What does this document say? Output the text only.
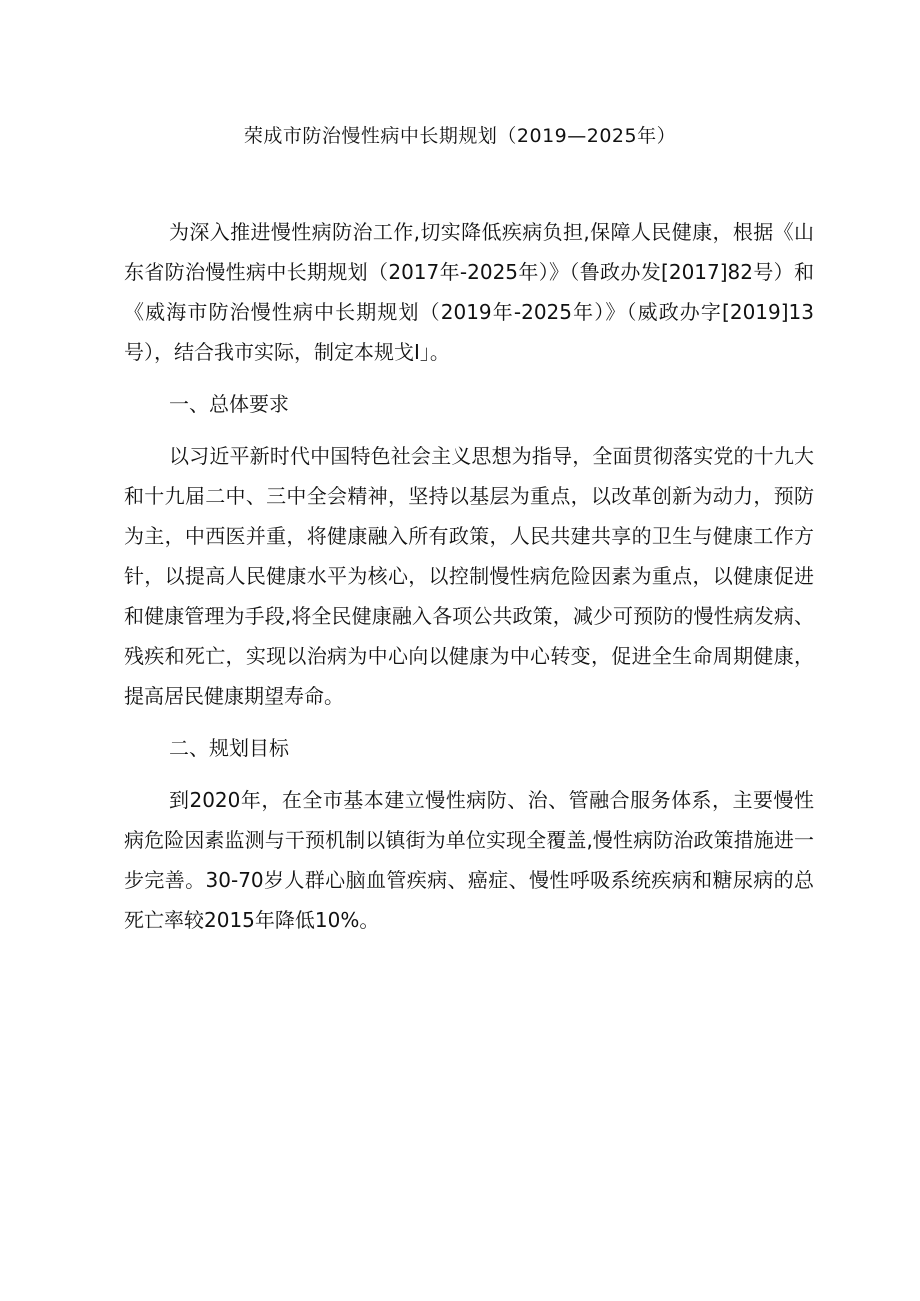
荣成市防治慢性病中长期规划（2019—2025年）

为深入推进慢性病防治工作,切实降低疾病负担,保障人民健康，根据《山东省防治慢性病中长期规划（2017年-2025年）》（鲁政办发[2017]82号）和《威海市防治慢性病中长期规划（2019年-2025年）》（威政办字[2019]13号），结合我市实际，制定本规戈I」。

一、总体要求

以习近平新时代中国特色社会主义思想为指导，全面贯彻落实党的十九大和十九届二中、三中全会精神，坚持以基层为重点，以改革创新为动力，预防为主，中西医并重，将健康融入所有政策，人民共建共享的卫生与健康工作方针，以提高人民健康水平为核心，以控制慢性病危险因素为重点，以健康促进和健康管理为手段,将全民健康融入各项公共政策，减少可预防的慢性病发病、残疾和死亡，实现以治病为中心向以健康为中心转变，促进全生命周期健康，提高居民健康期望寿命。

二、规划目标

到2020年，在全市基本建立慢性病防、治、管融合服务体系，主要慢性病危险因素监测与干预机制以镇街为单位实现全覆盖,慢性病防治政策措施进一步完善。30-70岁人群心脑血管疾病、癌症、慢性呼吸系统疾病和糖尿病的总死亡率较2015年降低10%。
